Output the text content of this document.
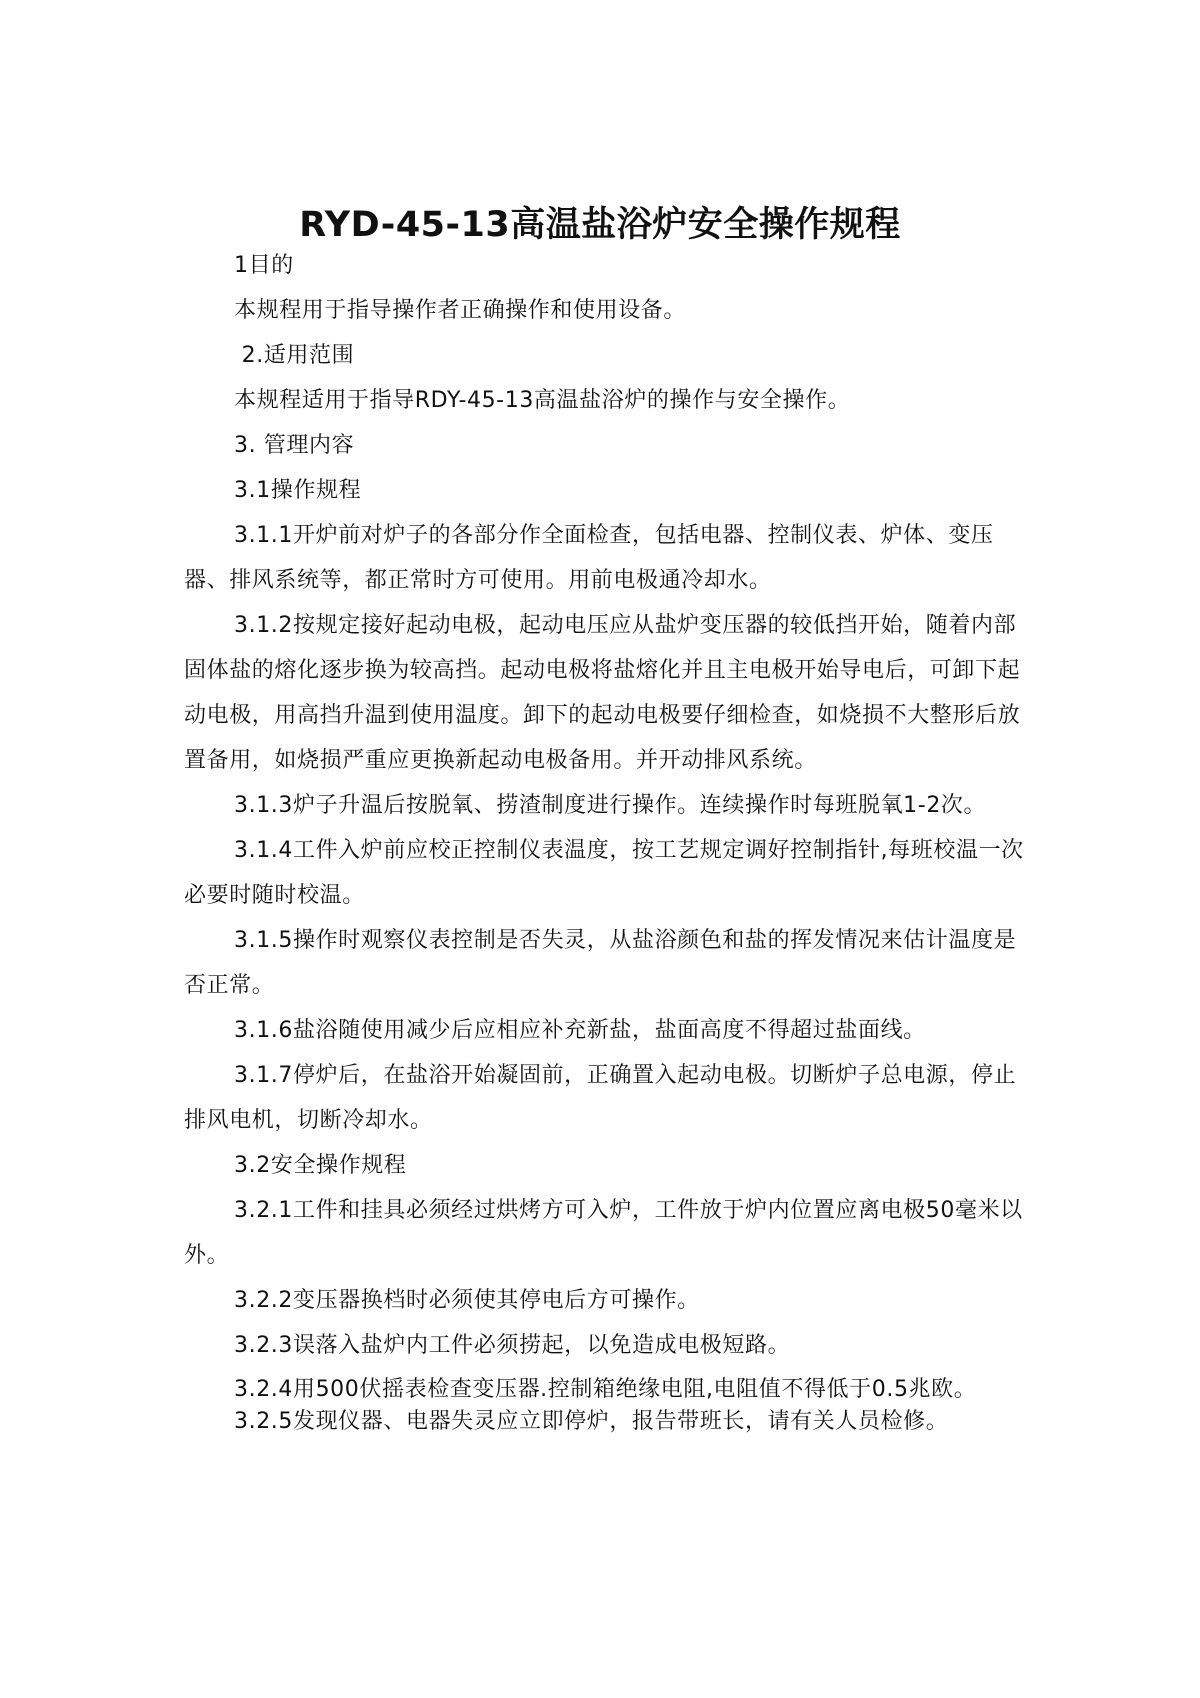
RYD-45-13高温盐浴炉安全操作规程

1目的

本规程用于指导操作者正确操作和使用设备。

2.适用范围

本规程适用于指导RDY-45-13高温盐浴炉的操作与安全操作。

3. 管理内容

3.1操作规程

3.1.1开炉前对炉子的各部分作全面检查，包括电器、控制仪表、炉体、变压器、排风系统等，都正常时方可使用。用前电极通冷却水。

3.1.2按规定接好起动电极，起动电压应从盐炉变压器的较低挡开始，随着内部固体盐的熔化逐步换为较高挡。起动电极将盐熔化并且主电极开始导电后，可卸下起动电极，用高挡升温到使用温度。卸下的起动电极要仔细检查，如烧损不大整形后放置备用，如烧损严重应更换新起动电极备用。并开动排风系统。

3.1.3炉子升温后按脱氧、捞渣制度进行操作。连续操作时每班脱氧1-2次。

3.1.4工件入炉前应校正控制仪表温度，按工艺规定调好控制指针,每班校温一次必要时随时校温。

3.1.5操作时观察仪表控制是否失灵，从盐浴颜色和盐的挥发情况来估计温度是否正常。

3.1.6盐浴随使用减少后应相应补充新盐，盐面高度不得超过盐面线。

3.1.7停炉后，在盐浴开始凝固前，正确置入起动电极。切断炉子总电源，停止排风电机，切断冷却水。

3.2安全操作规程

3.2.1工件和挂具必须经过烘烤方可入炉，工件放于炉内位置应离电极50毫米以外。

3.2.2变压器换档时必须使其停电后方可操作。

3.2.3误落入盐炉内工件必须捞起，以免造成电极短路。

3.2.4用500伏摇表检查变压器.控制箱绝缘电阻,电阻值不得低于0.5兆欧。

3.2.5发现仪器、电器失灵应立即停炉，报告带班长，请有关人员检修。
